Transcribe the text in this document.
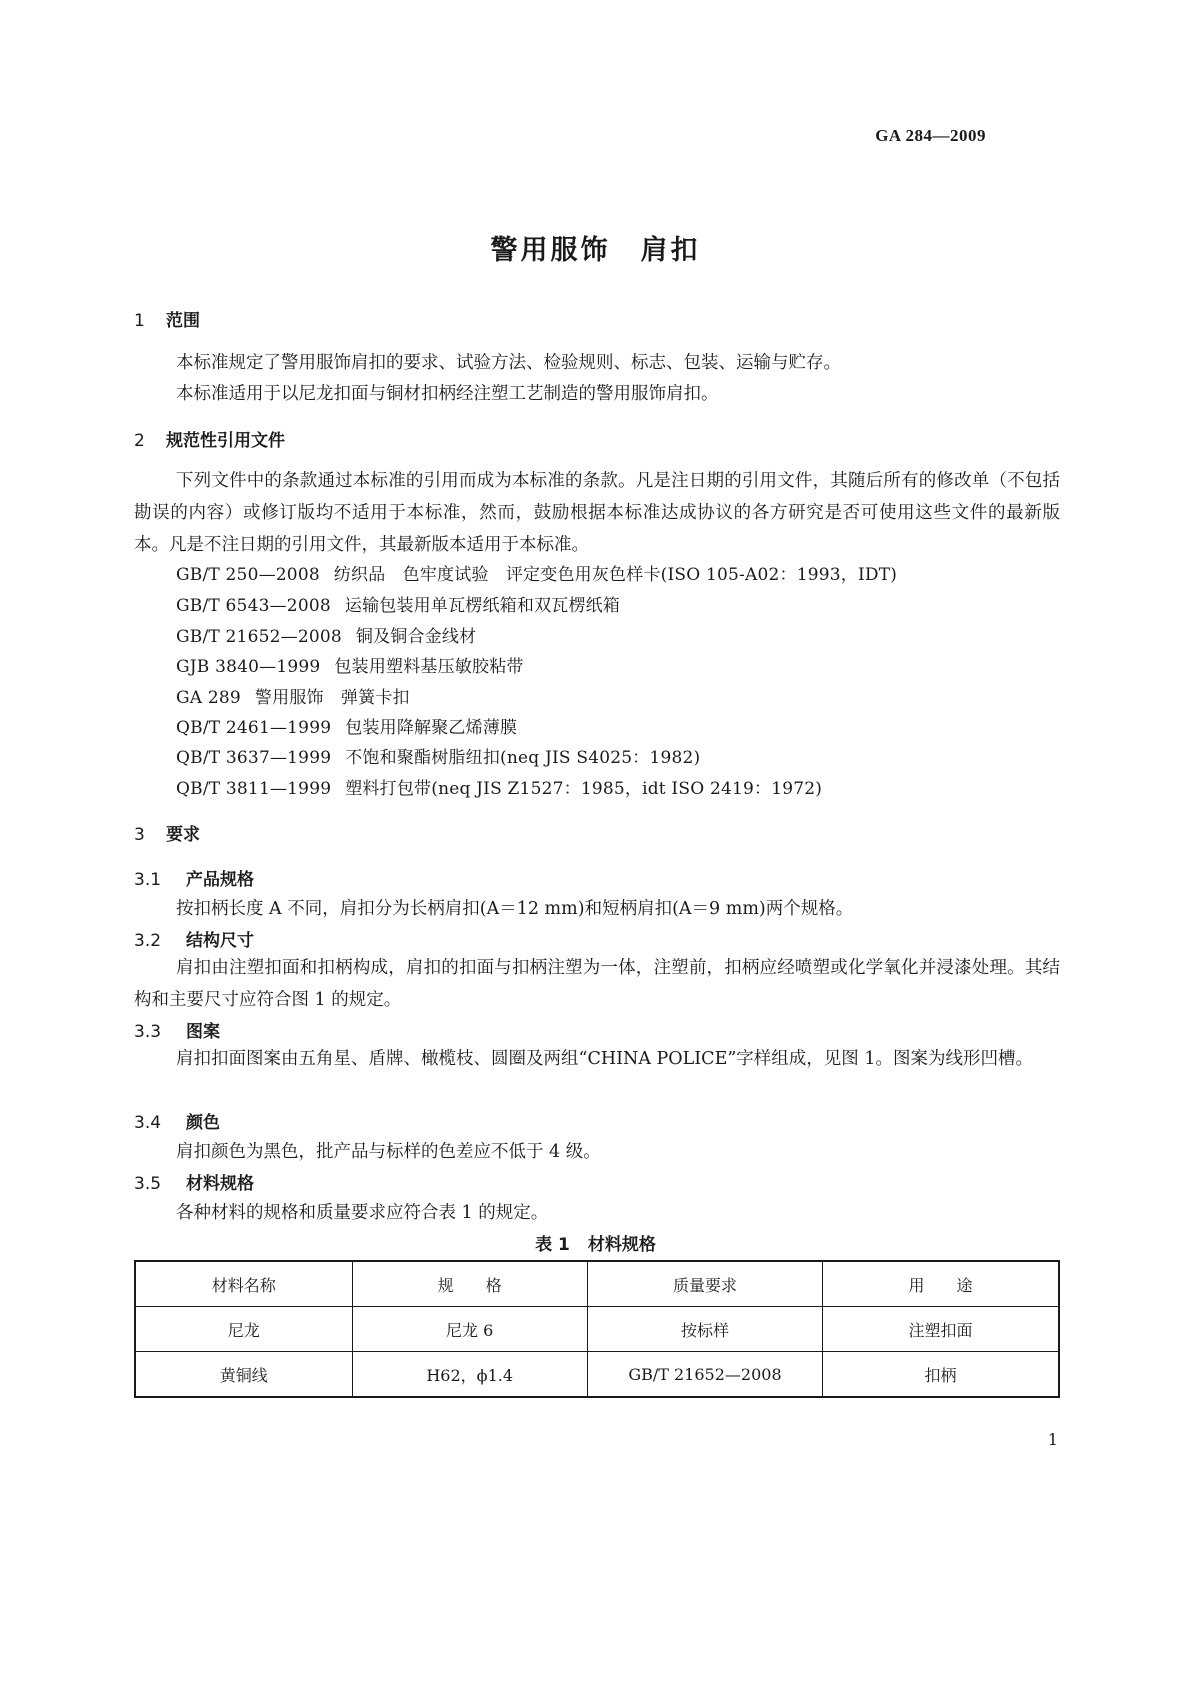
GA 284—2009
警用服饰 肩扣
1 范围
本标准规定了警用服饰肩扣的要求、试验方法、检验规则、标志、包装、运输与贮存。
本标准适用于以尼龙扣面与铜材扣柄经注塑工艺制造的警用服饰肩扣。
2 规范性引用文件
下列文件中的条款通过本标准的引用而成为本标准的条款。凡是注日期的引用文件，其随后所有的修改单（不包括勘误的内容）或修订版均不适用于本标准，然而，鼓励根据本标准达成协议的各方研究是否可使用这些文件的最新版本。凡是不注日期的引用文件，其最新版本适用于本标准。
GB/T 250—2008 纺织品　色牢度试验　评定变色用灰色样卡(ISO 105-A02：1993，IDT)
GB/T 6543—2008 运输包装用单瓦楞纸箱和双瓦楞纸箱
GB/T 21652—2008 铜及铜合金线材
GJB 3840—1999 包装用塑料基压敏胶粘带
GA 289 警用服饰　弹簧卡扣
QB/T 2461—1999 包装用降解聚乙烯薄膜
QB/T 3637—1999 不饱和聚酯树脂纽扣(neq JIS S4025：1982)
QB/T 3811—1999 塑料打包带(neq JIS Z1527：1985，idt ISO 2419：1972)
3 要求
3.1 产品规格
按扣柄长度 A 不同，肩扣分为长柄肩扣(A＝12 mm)和短柄肩扣(A＝9 mm)两个规格。
3.2 结构尺寸
肩扣由注塑扣面和扣柄构成，肩扣的扣面与扣柄注塑为一体，注塑前，扣柄应经喷塑或化学氧化并浸漆处理。其结构和主要尺寸应符合图 1 的规定。
3.3 图案
肩扣扣面图案由五角星、盾牌、橄榄枝、圆圈及两组“CHINA POLICE”字样组成，见图 1。图案为线形凹槽。
3.4 颜色
肩扣颜色为黑色，批产品与标样的色差应不低于 4 级。
3.5 材料规格
各种材料的规格和质量要求应符合表 1 的规定。
表 1 材料规格
材料名称	规　　格	质量要求	用　　途
尼龙	尼龙 6	按标样	注塑扣面
黄铜线	H62，ϕ1.4	GB/T 21652—2008	扣柄
1
